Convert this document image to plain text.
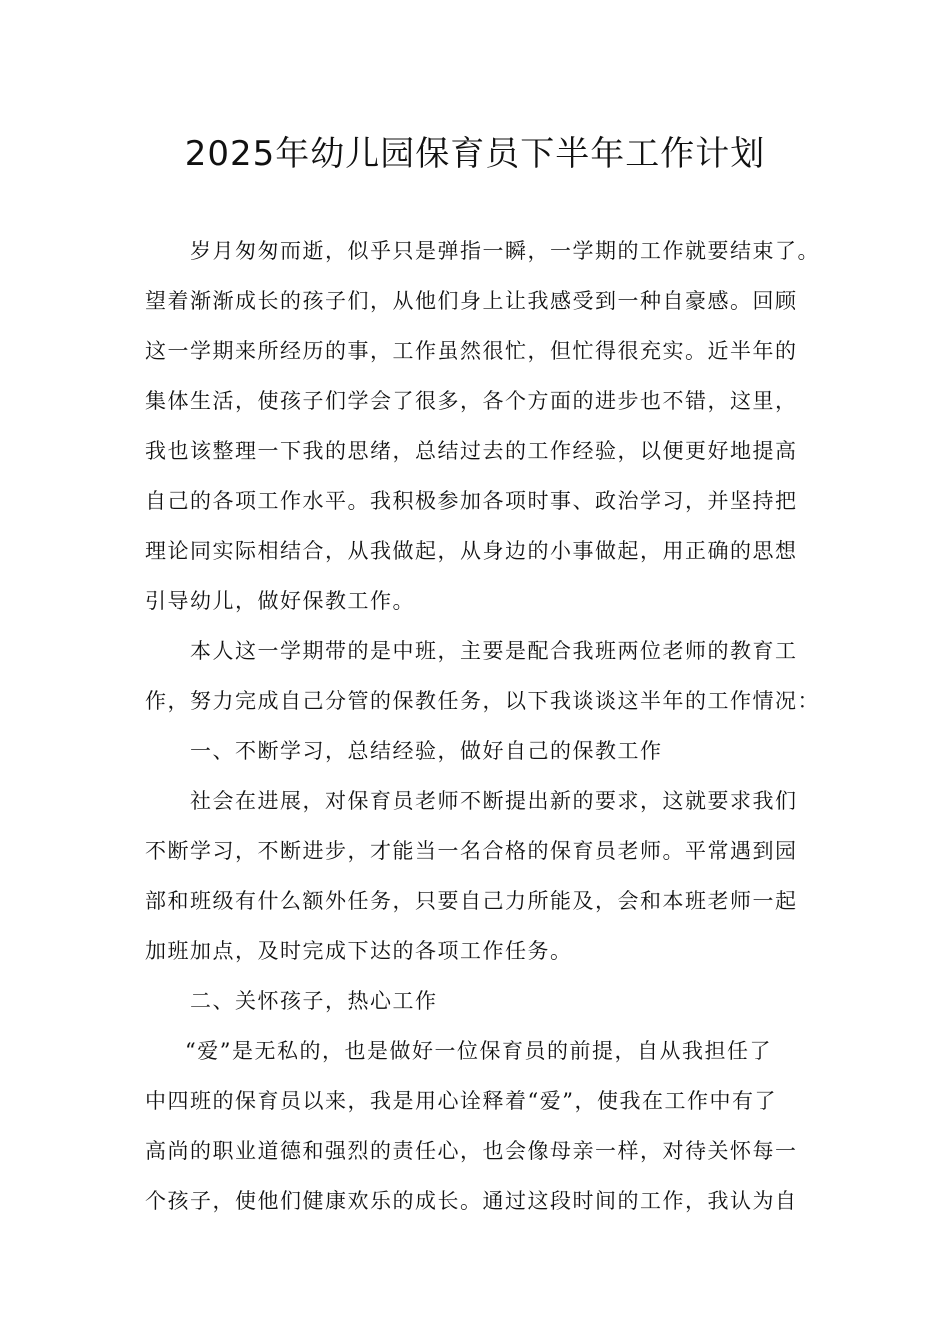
2025年幼儿园保育员下半年工作计划
岁月匆匆而逝，似乎只是弹指一瞬，一学期的工作就要结束了。
望着渐渐成长的孩子们，从他们身上让我感受到一种自豪感。回顾
这一学期来所经历的事，工作虽然很忙，但忙得很充实。近半年的
集体生活，使孩子们学会了很多，各个方面的进步也不错，这里，
我也该整理一下我的思绪，总结过去的工作经验，以便更好地提高
自己的各项工作水平。我积极参加各项时事、政治学习，并坚持把
理论同实际相结合，从我做起，从身边的小事做起，用正确的思想
引导幼儿，做好保教工作。
本人这一学期带的是中班，主要是配合我班两位老师的教育工
作，努力完成自己分管的保教任务，以下我谈谈这半年的工作情况：
一、不断学习，总结经验，做好自己的保教工作
社会在进展，对保育员老师不断提出新的要求，这就要求我们
不断学习，不断进步，才能当一名合格的保育员老师。平常遇到园
部和班级有什么额外任务，只要自己力所能及，会和本班老师一起
加班加点，及时完成下达的各项工作任务。
二、关怀孩子，热心工作
“爱”是无私的，也是做好一位保育员的前提，自从我担任了
中四班的保育员以来，我是用心诠释着“爱”，使我在工作中有了
高尚的职业道德和强烈的责任心，也会像母亲一样，对待关怀每一
个孩子，使他们健康欢乐的成长。通过这段时间的工作，我认为自
